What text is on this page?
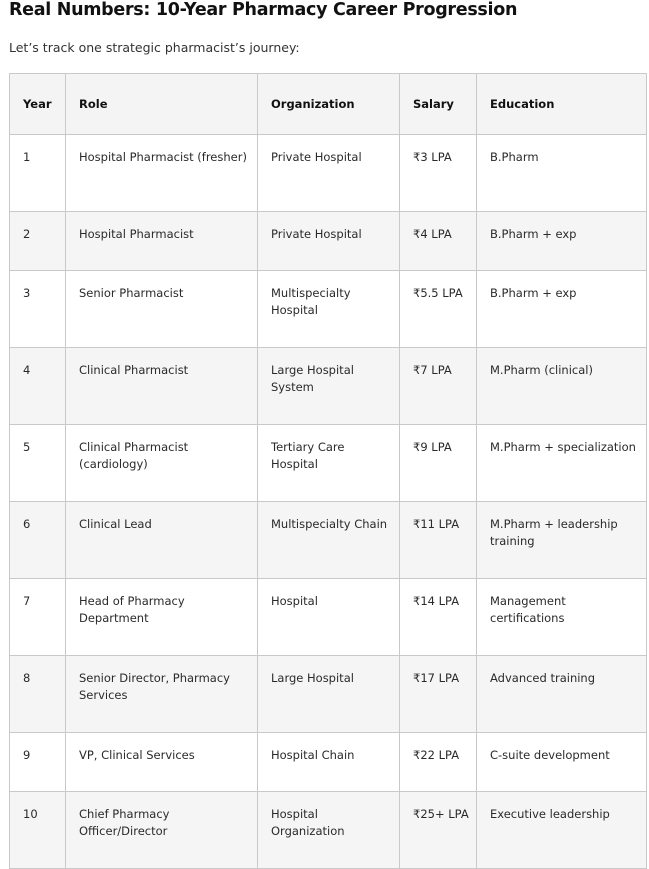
Real Numbers: 10-Year Pharmacy Career Progression

Let’s track one strategic pharmacist’s journey:

Year	Role	Organization	Salary	Education
1	Hospital Pharmacist (fresher)	Private Hospital	₹3 LPA	B.Pharm
2	Hospital Pharmacist	Private Hospital	₹4 LPA	B.Pharm + exp
3	Senior Pharmacist	Multispecialty Hospital	₹5.5 LPA	B.Pharm + exp
4	Clinical Pharmacist	Large Hospital System	₹7 LPA	M.Pharm (clinical)
5	Clinical Pharmacist (cardiology)	Tertiary Care Hospital	₹9 LPA	M.Pharm + specialization
6	Clinical Lead	Multispecialty Chain	₹11 LPA	M.Pharm + leadership training
7	Head of Pharmacy Department	Hospital	₹14 LPA	Management certifications
8	Senior Director, Pharmacy Services	Large Hospital	₹17 LPA	Advanced training
9	VP, Clinical Services	Hospital Chain	₹22 LPA	C-suite development
10	Chief Pharmacy Officer/Director	Hospital Organization	₹25+ LPA	Executive leadership
